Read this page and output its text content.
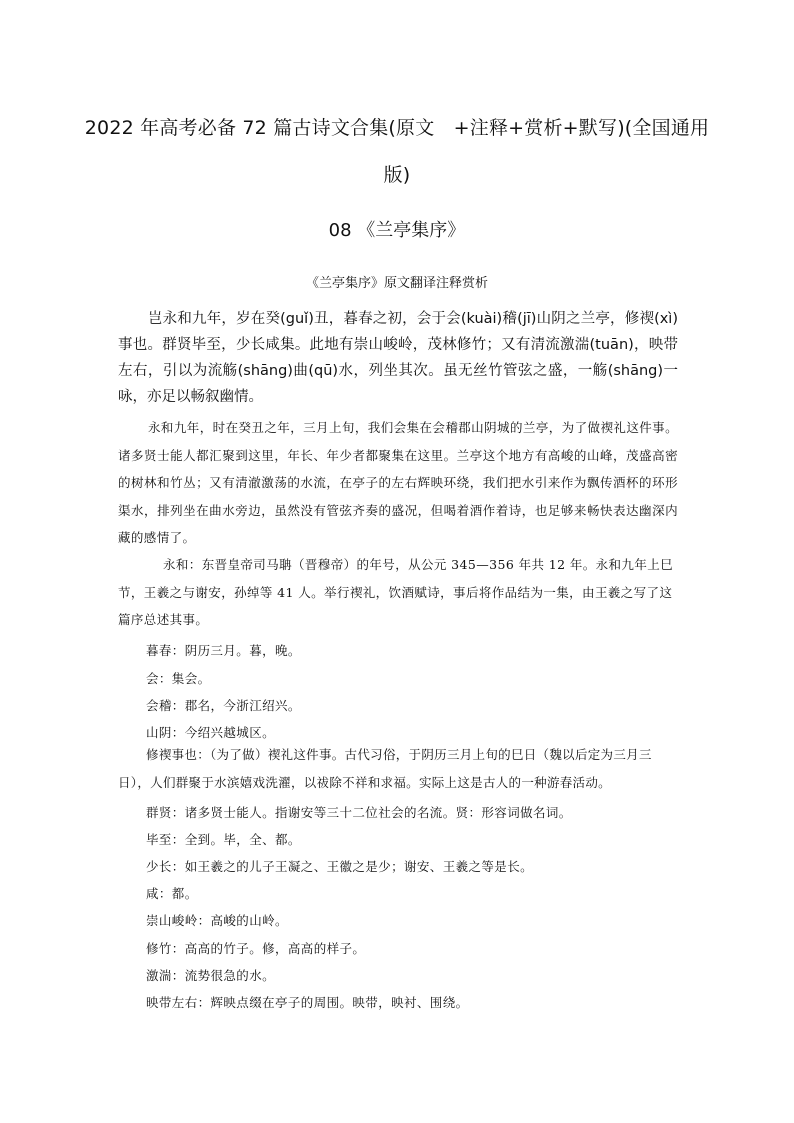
2022 年高考必备 72 篇古诗文合集(原文　+注释+赏析+默写)(全国通用
版)
08 《兰亭集序》
《兰亭集序》原文翻译注释赏析
岂永和九年，岁在癸(guǐ)丑，暮春之初，会于会(kuài)稽(jī)山阴之兰亭，修禊(xì)事也。群贤毕至，少长咸集。此地有崇山峻岭，茂林修竹；又有清流激湍(tuān)，映带左右，引以为流觞(shāng)曲(qū)水，列坐其次。虽无丝竹管弦之盛，一觞(shāng)一咏，亦足以畅叙幽情。
永和九年，时在癸丑之年，三月上旬，我们会集在会稽郡山阴城的兰亭，为了做禊礼这件事。诸多贤士能人都汇聚到这里，年长、年少者都聚集在这里。兰亭这个地方有高峻的山峰，茂盛高密的树林和竹丛；又有清澈激荡的水流，在亭子的左右辉映环绕，我们把水引来作为飘传酒杯的环形渠水，排列坐在曲水旁边，虽然没有管弦齐奏的盛况，但喝着酒作着诗，也足够来畅快表达幽深内藏的感情了。
永和：东晋皇帝司马聃（晋穆帝）的年号，从公元 345—356 年共 12 年。永和九年上巳节，王羲之与谢安，孙绰等 41 人。举行禊礼，饮酒赋诗，事后将作品结为一集，由王羲之写了这篇序总述其事。
暮春：阴历三月。暮，晚。
会：集会。
会稽：郡名，今浙江绍兴。
山阴：今绍兴越城区。
修禊事也：（为了做）禊礼这件事。古代习俗，于阴历三月上旬的巳日（魏以后定为三月三日），人们群聚于水滨嬉戏洗濯，以祓除不祥和求福。实际上这是古人的一种游春活动。
群贤：诸多贤士能人。指谢安等三十二位社会的名流。贤：形容词做名词。
毕至：全到。毕，全、都。
少长：如王羲之的儿子王凝之、王徽之是少；谢安、王羲之等是长。
咸：都。
崇山峻岭：高峻的山岭。
修竹：高高的竹子。修，高高的样子。
激湍：流势很急的水。
映带左右：辉映点缀在亭子的周围。映带，映衬、围绕。
